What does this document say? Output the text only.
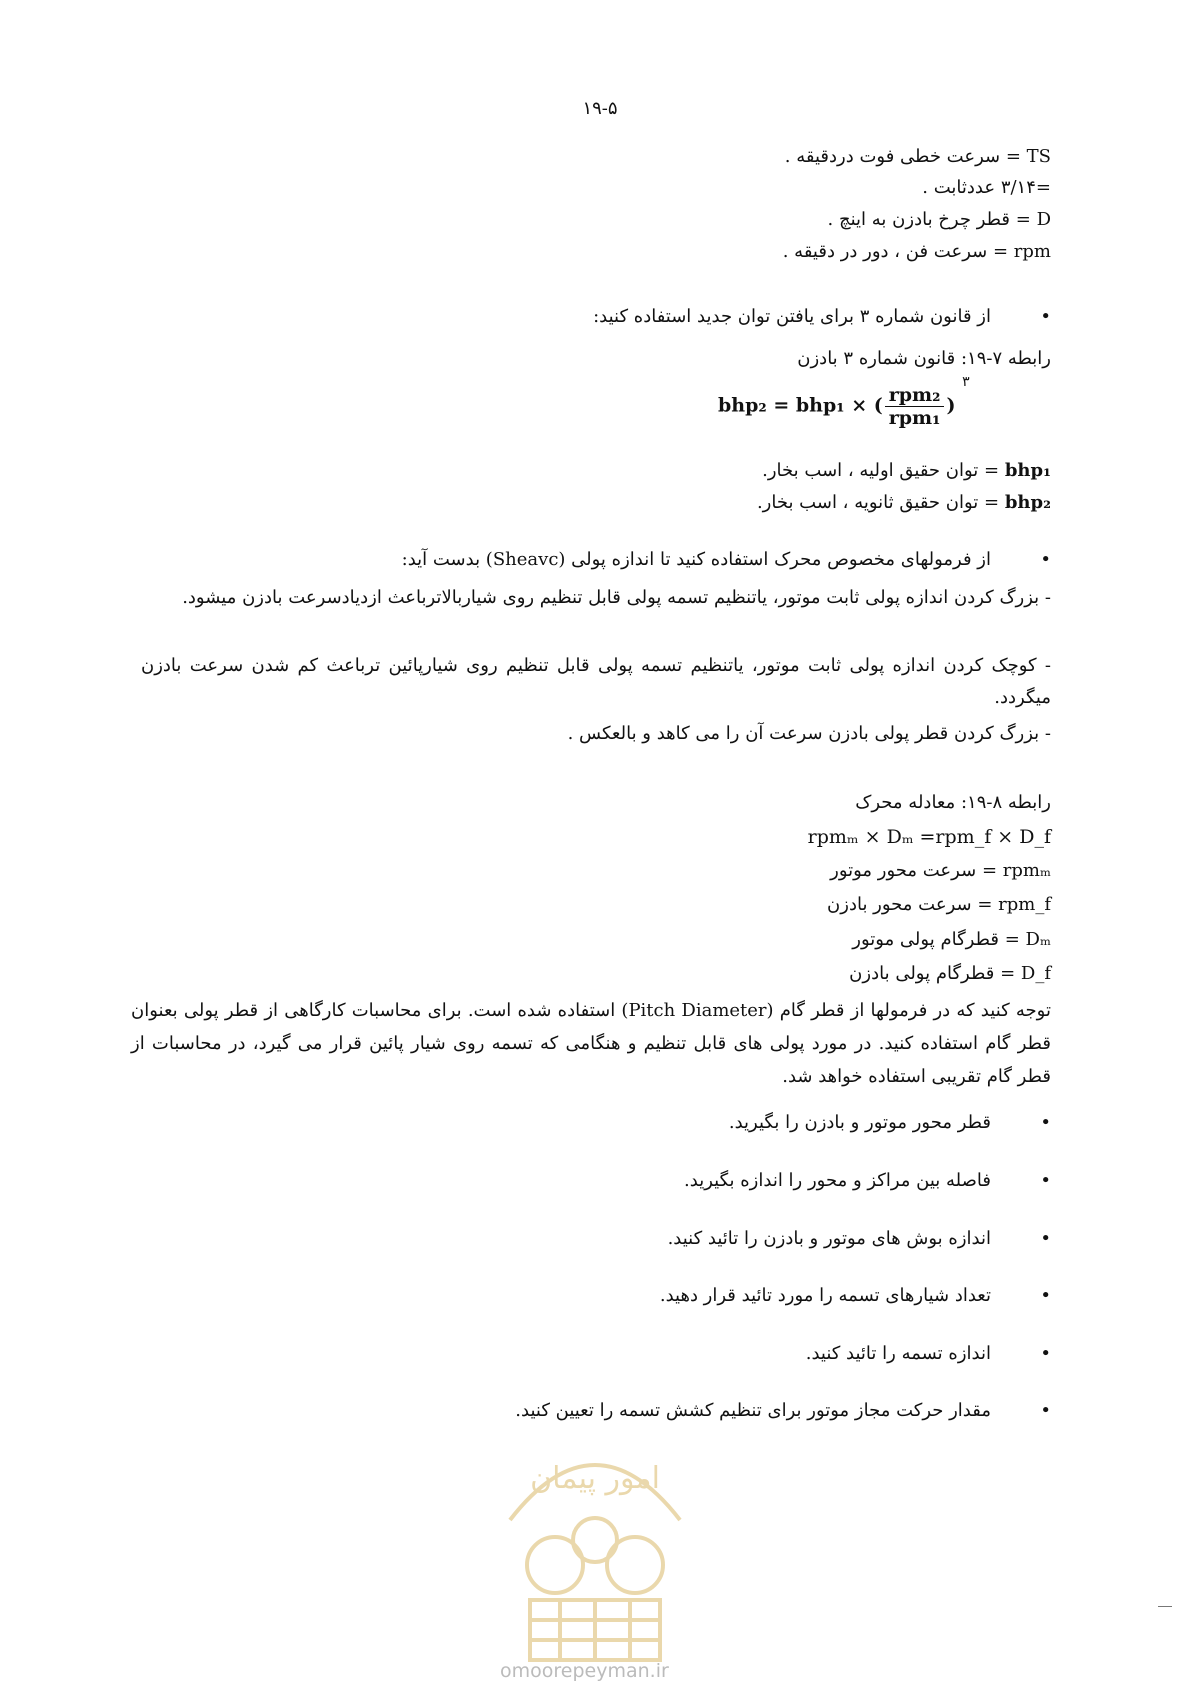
۱۹-۵
TS = سرعت خطی فوت دردقیقه .
=۳/۱۴ عددثابت .
D = قطر چرخ بادزن به اینچ .
rpm = سرعت فن ، دور در دقیقه .
•
از قانون شماره ۳ برای یافتن توان جدید استفاده کنید:
رابطه ۷-۱۹: قانون شماره ۳ بادزن
bhp₂ = bhp₁ × ( $\frac{\text{rpm₂}}{\text{rpm₁}}$ ) $^۳$
bhp₁ = توان حقیق اولیه ، اسب بخار.
bhp₂ = توان حقیق ثانویه ، اسب بخار.
•
از فرمولهای مخصوص محرک استفاده کنید تا اندازه پولی (Sheavc) بدست آید:
- بزرگ کردن اندازه پولی ثابت موتور، یاتنظیم تسمه پولی قابل تنظیم روی شیاربالاترباعث ازدیادسرعت بادزن میشود.
- کوچک کردن اندازه پولی ثابت موتور، یاتنظیم تسمه پولی قابل تنظیم روی شیارپائین ترباعث کم شدن سرعت بادزن میگردد.
- بزرگ کردن قطر پولی بادزن سرعت آن را می کاهد و بالعکس .
رابطه ۸-۱۹: معادله محرک
rpmₘ × Dₘ =rpm_f × D_f
rpmₘ = سرعت محور موتور
rpm_f = سرعت محور بادزن
Dₘ = قطرگام پولی موتور
D_f = قطرگام پولی بادزن
توجه کنید که در فرمولها از قطر گام (Pitch Diameter) استفاده شده است. برای محاسبات کارگاهی از قطر پولی بعنوان قطر گام استفاده کنید. در مورد پولی های قابل تنظیم و هنگامی که تسمه روی شیار پائین قرار می گیرد، در محاسبات از قطر گام تقریبی استفاده خواهد شد.
•
قطر محور موتور و بادزن را بگیرید.
•
فاصله بین مراکز و محور را اندازه بگیرید.
•
اندازه بوش های موتور و بادزن را تائید کنید.
•
تعداد شیارهای تسمه را مورد تائید قرار دهید.
•
اندازه تسمه را تائید کنید.
•
مقدار حرکت مجاز موتور برای تنظیم کشش تسمه را تعیین کنید.
امور پیمان
omoorepeyman.ir
